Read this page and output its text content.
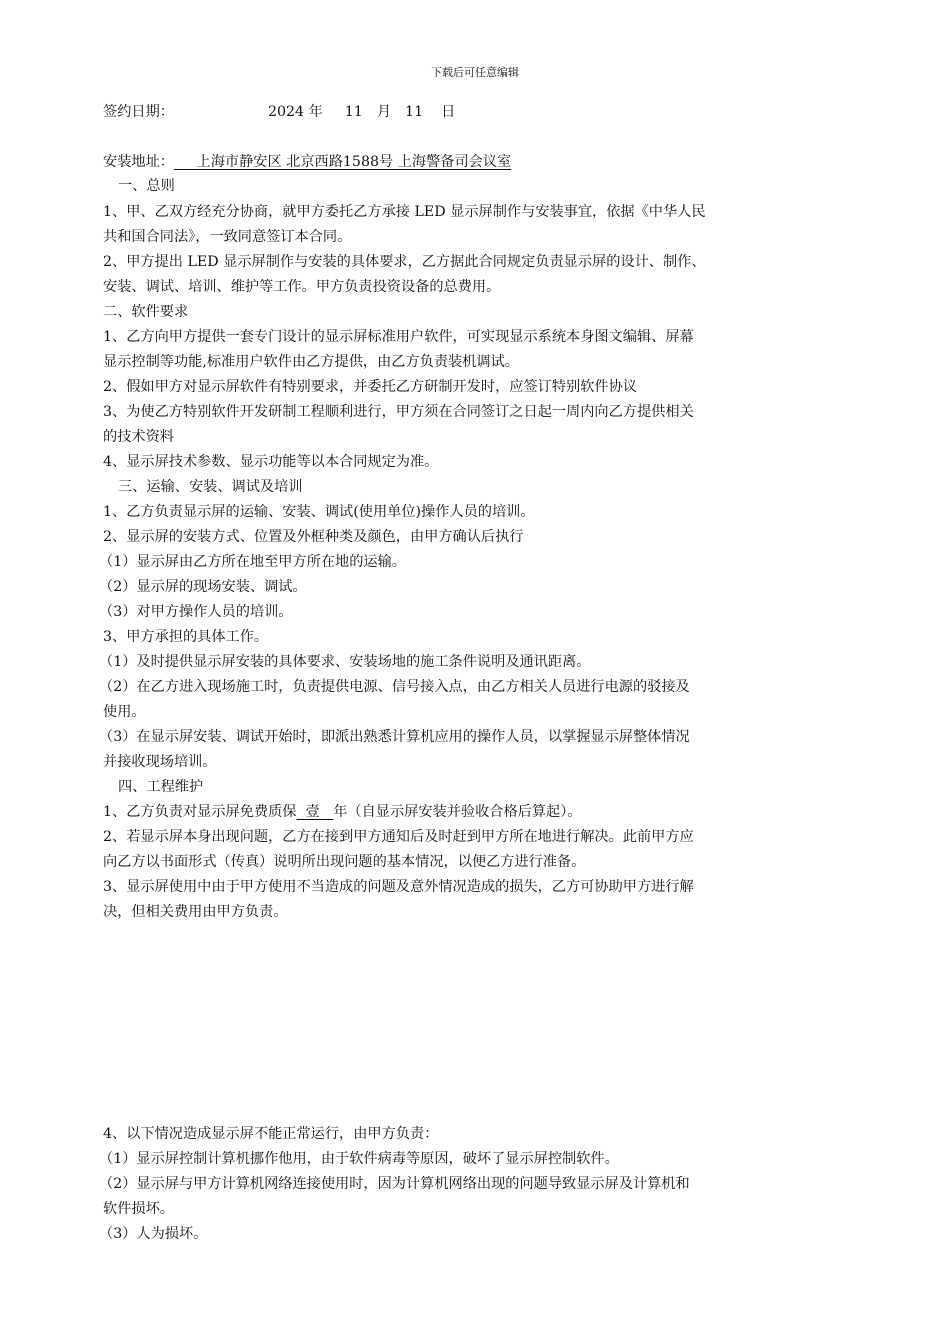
下载后可任意编辑
签约日期：	2024 年 11 月 11 日
安装地址： 上海市静安区 北京西路1588号 上海警备司会议室
一、总则
1、甲、乙双方经充分协商，就甲方委托乙方承接 LED 显示屏制作与安装事宜，依据《中华人民
共和国合同法》，一致同意签订本合同。
2、甲方提出 LED 显示屏制作与安装的具体要求，乙方据此合同规定负责显示屏的设计、制作、
安装、调试、培训、维护等工作。甲方负责投资设备的总费用。
二、软件要求
1、乙方向甲方提供一套专门设计的显示屏标准用户软件，可实现显示系统本身图文编辑、屏幕
显示控制等功能,标准用户软件由乙方提供，由乙方负责装机调试。
2、假如甲方对显示屏软件有特别要求，并委托乙方研制开发时，应签订特别软件协议
3、为使乙方特别软件开发研制工程顺利进行，甲方须在合同签订之日起一周内向乙方提供相关
的技术资料
4、显示屏技术参数、显示功能等以本合同规定为准。
三、运输、安装、调试及培训
1、乙方负责显示屏的运输、安装、调试(使用单位)操作人员的培训。
2、显示屏的安装方式、位置及外框种类及颜色，由甲方确认后执行
（1）显示屏由乙方所在地至甲方所在地的运输。
（2）显示屏的现场安装、调试。
（3）对甲方操作人员的培训。
3、甲方承担的具体工作。
（1）及时提供显示屏安装的具体要求、安装场地的施工条件说明及通讯距离。
（2）在乙方进入现场施工时，负责提供电源、信号接入点，由乙方相关人员进行电源的驳接及
使用。
（3）在显示屏安装、调试开始时，即派出熟悉计算机应用的操作人员，以掌握显示屏整体情况
并接收现场培训。
四、工程维护
1、乙方负责对显示屏免费质保 壹 年（自显示屏安装并验收合格后算起）。
2、若显示屏本身出现问题，乙方在接到甲方通知后及时赶到甲方所在地进行解决。此前甲方应
向乙方以书面形式（传真）说明所出现问题的基本情况，以便乙方进行准备。
3、显示屏使用中由于甲方使用不当造成的问题及意外情况造成的损失，乙方可协助甲方进行解
决，但相关费用由甲方负责。
4、以下情况造成显示屏不能正常运行，由甲方负责：
（1）显示屏控制计算机挪作他用，由于软件病毒等原因，破坏了显示屏控制软件。
（2）显示屏与甲方计算机网络连接使用时，因为计算机网络出现的问题导致显示屏及计算机和
软件损坏。
（3）人为损坏。
